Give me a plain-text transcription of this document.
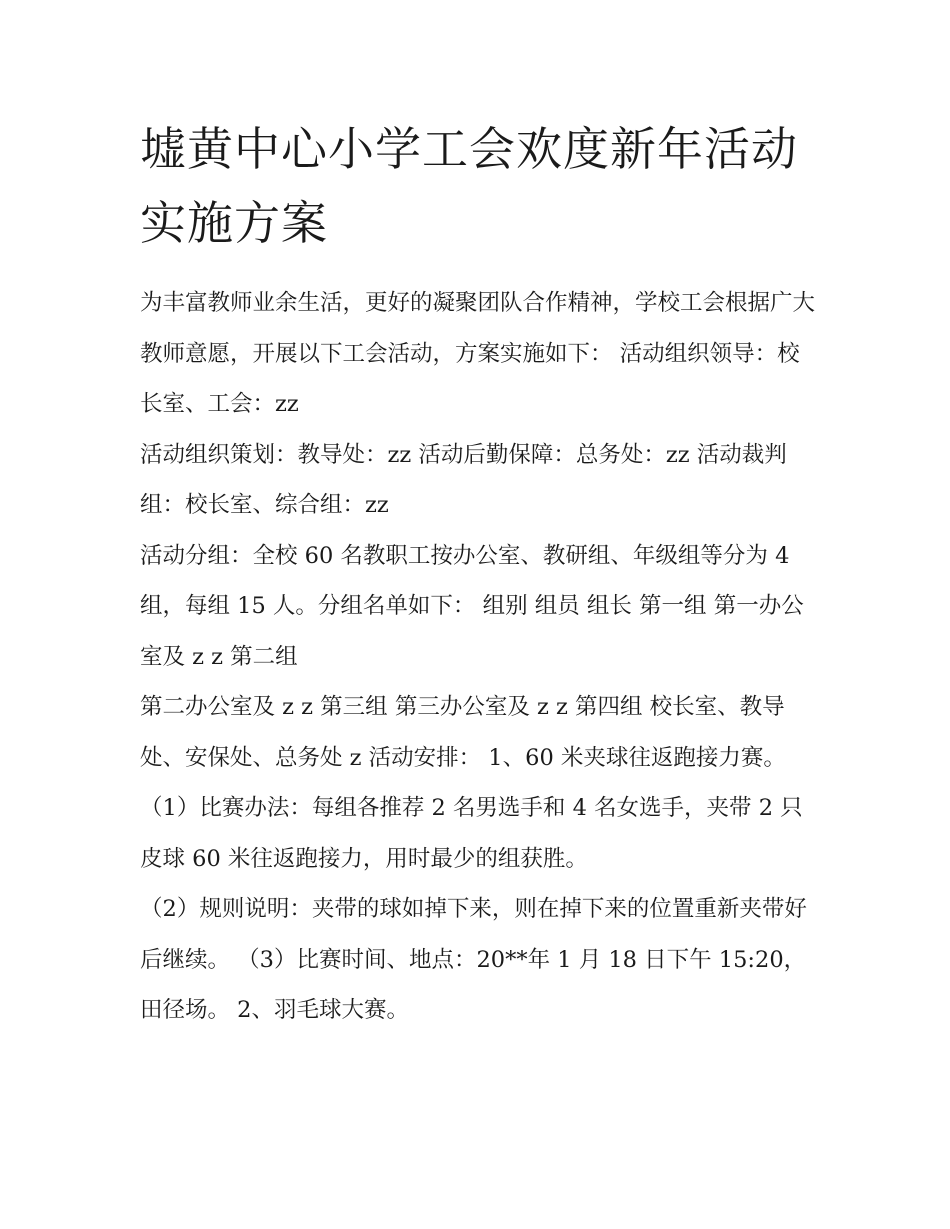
墟黄中心小学工会欢度新年活动实施方案

为丰富教师业余生活，更好的凝聚团队合作精神，学校工会根据广大教师意愿，开展以下工会活动，方案实施如下： 活动组织领导：校长室、工会：zz

活动组织策划：教导处：zz 活动后勤保障：总务处：zz 活动裁判组：校长室、综合组：zz

活动分组：全校 60 名教职工按办公室、教研组、年级组等分为 4 组，每组 15 人。分组名单如下： 组别 组员 组长 第一组 第一办公室及 z z 第二组

第二办公室及 z z 第三组 第三办公室及 z z 第四组 校长室、教导处、安保处、总务处 z 活动安排： 1、60 米夹球往返跑接力赛。

（1）比赛办法：每组各推荐 2 名男选手和 4 名女选手，夹带 2 只皮球 60 米往返跑接力，用时最少的组获胜。

（2）规则说明：夹带的球如掉下来，则在掉下来的位置重新夹带好后继续。 （3）比赛时间、地点：20**年 1 月 18 日下午 15:20，田径场。 2、羽毛球大赛。
